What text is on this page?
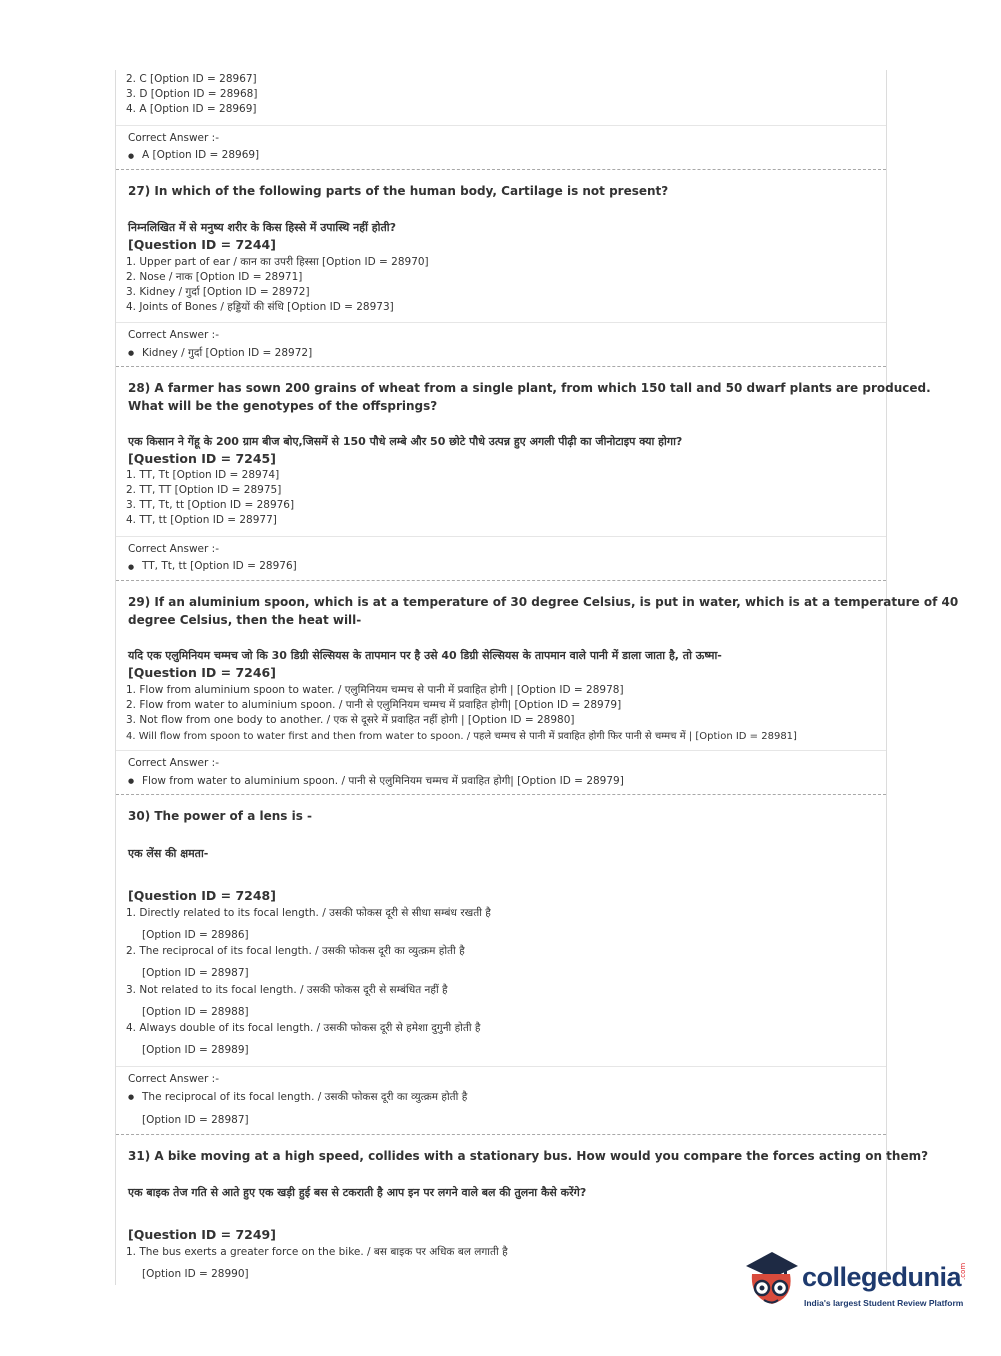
2. C [Option ID = 28967]
3. D [Option ID = 28968]
4. A [Option ID = 28969]
Correct Answer :-
● A [Option ID = 28969]
27) In which of the following parts of the human body, Cartilage is not present?
निम्नलिखित में से मनुष्य शरीर के किस हिस्से में उपास्थि नहीं होती?
[Question ID = 7244]
1. Upper part of ear / कान का उपरी हिस्सा [Option ID = 28970]
2. Nose / नाक [Option ID = 28971]
3. Kidney / गुर्दा [Option ID = 28972]
4. Joints of Bones / हड्डियों की संधि [Option ID = 28973]
Correct Answer :-
● Kidney / गुर्दा [Option ID = 28972]
28) A farmer has sown 200 grains of wheat from a single plant, from which 150 tall and 50 dwarf plants are produced.
What will be the genotypes of the offsprings?
एक किसान ने गेंहू के 200 ग्राम बीज बोए,जिसमें से 150 पौधे लम्बे और 50 छोटे पौधे उत्पन्न हुए अगली पीढ़ी का जीनोटाइप क्या होगा?
[Question ID = 7245]
1. TT, Tt [Option ID = 28974]
2. TT, TT [Option ID = 28975]
3. TT, Tt, tt [Option ID = 28976]
4. TT, tt [Option ID = 28977]
Correct Answer :-
● TT, Tt, tt [Option ID = 28976]
29) If an aluminium spoon, which is at a temperature of 30 degree Celsius, is put in water, which is at a temperature of 40
degree Celsius, then the heat will-
यदि एक एलुमिनियम चम्मच जो कि 30 डिग्री सेल्सियस के तापमान पर है उसे 40 डिग्री सेल्सियस के तापमान वाले पानी में डाला जाता है, तो ऊष्मा-
[Question ID = 7246]
1. Flow from aluminium spoon to water. / एलुमिनियम चम्मच से पानी में प्रवाहित होगी | [Option ID = 28978]
2. Flow from water to aluminium spoon. / पानी से एलुमिनियम चम्मच में प्रवाहित होगी| [Option ID = 28979]
3. Not flow from one body to another. / एक से दूसरे में प्रवाहित नहीं होगी | [Option ID = 28980]
4. Will flow from spoon to water first and then from water to spoon. / पहले चम्मच से पानी में प्रवाहित होगी फिर पानी से चम्मच में | [Option ID = 28981]
Correct Answer :-
● Flow from water to aluminium spoon. / पानी से एलुमिनियम चम्मच में प्रवाहित होगी| [Option ID = 28979]
30) The power of a lens is -
एक लेंस की क्षमता-
[Question ID = 7248]
1. Directly related to its focal length. / उसकी फोकस दूरी से सीधा सम्बंध रखती है
[Option ID = 28986]
2. The reciprocal of its focal length. / उसकी फोकस दूरी का व्युत्क्रम होती है
[Option ID = 28987]
3. Not related to its focal length. / उसकी फोकस दूरी से सम्बंधित नहीं है
[Option ID = 28988]
4. Always double of its focal length. / उसकी फोकस दूरी से हमेशा दुगुनी होती है
[Option ID = 28989]
Correct Answer :-
● The reciprocal of its focal length. / उसकी फोकस दूरी का व्युत्क्रम होती है
[Option ID = 28987]
31) A bike moving at a high speed, collides with a stationary bus. How would you compare the forces acting on them?
एक बाइक तेज गति से आते हुए एक खड़ी हुई बस से टकराती है आप इन पर लगने वाले बल की तुलना कैसे करेंगे?
[Question ID = 7249]
1. The bus exerts a greater force on the bike. / बस बाइक पर अधिक बल लगाती है
[Option ID = 28990]	collegedunia
.com
India's largest Student Review Platform
